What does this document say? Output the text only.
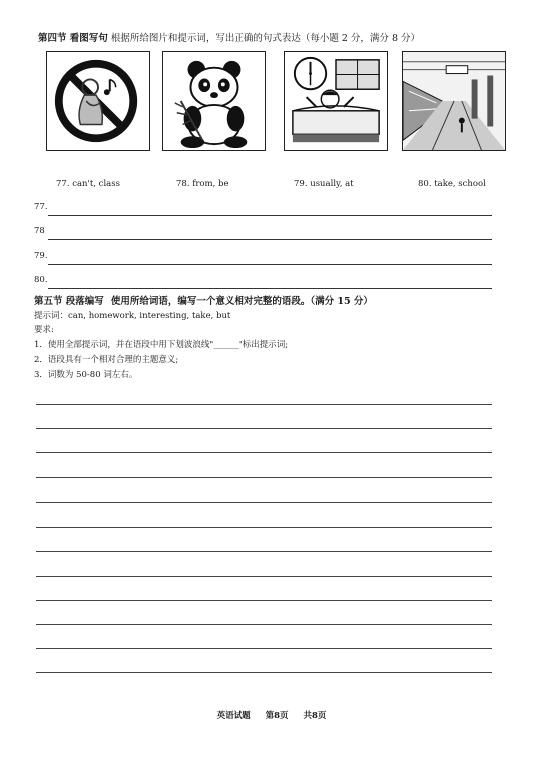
第四节 看图写句 根据所给图片和提示词，写出正确的句式表达（每小题 2 分，满分 8 分）
77. can't, class	78. from, be	79. usually, at	80. take, school
77.
78
79.
80.
第五节 段落编写 使用所给词语，编写一个意义相对完整的语段。（满分 15 分）
提示词：can, homework, interesting, take, but
要求:
1．使用全部提示词，并在语段中用下划波浪线"______"标出提示词;
2．语段具有一个相对合理的主题意义;
3．词数为 50-80 词左右。
英语试题 第8页 共8页
